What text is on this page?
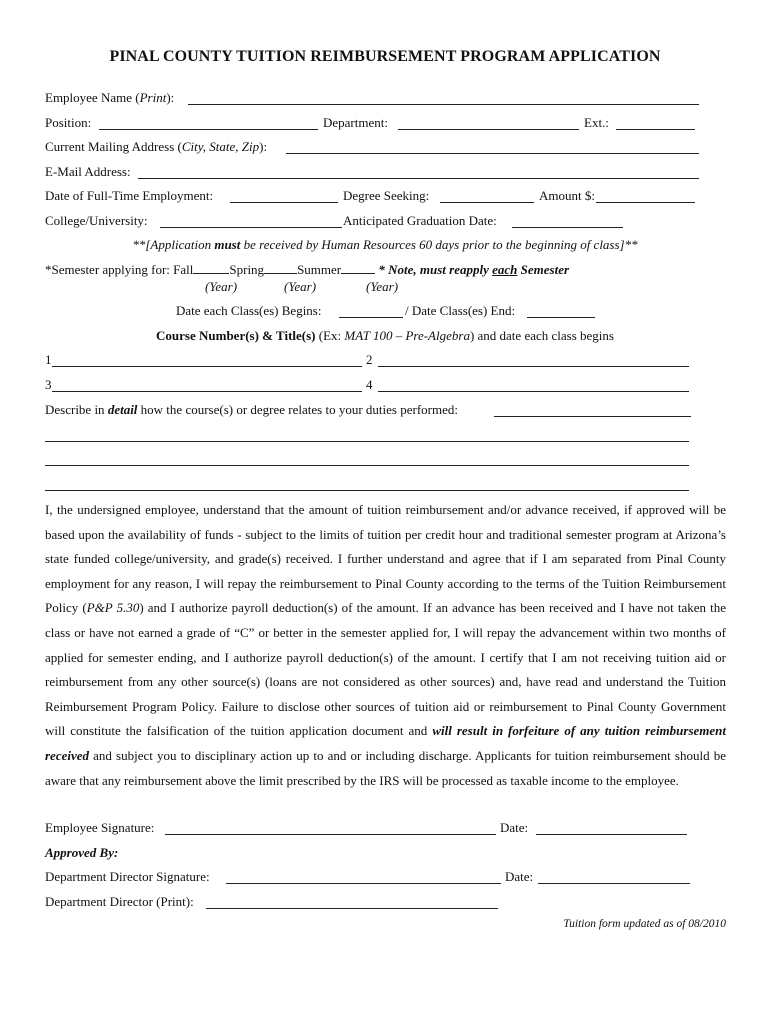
PINAL COUNTY TUITION REIMBURSEMENT PROGRAM APPLICATION
Employee Name (Print):
Position:	Department:	Ext.:
Current Mailing Address (City, State, Zip):
E-Mail Address:
Date of Full-Time Employment:	Degree Seeking:	Amount $:
College/University:	Anticipated Graduation Date:
**[Application must be received by Human Resources 60 days prior to the beginning of class]**
*Semester applying for: Fall	Spring	Summer	* Note, must reapply each Semester
(Year)	(Year)	(Year)
Date each Class(es) Begins:	/ Date Class(es) End:
Course Number(s) & Title(s) (Ex: MAT 100 – Pre-Algebra) and date each class begins
1	2
3	4
Describe in detail how the course(s) or degree relates to your duties performed:

I, the undersigned employee, understand that the amount of tuition reimbursement and/or advance received, if approved will be based upon the availability of funds - subject to the limits of tuition per credit hour and traditional semester program at Arizona’s state funded college/university, and grade(s) received. I further understand and agree that if I am separated from Pinal County employment for any reason, I will repay the reimbursement to Pinal County according to the terms of the Tuition Reimbursement Policy (P&P 5.30) and I authorize payroll deduction(s) of the amount. If an advance has been received and I have not taken the class or have not earned a grade of “C” or better in the semester applied for, I will repay the advancement within two months of applied for semester ending, and I authorize payroll deduction(s) of the amount. I certify that I am not receiving tuition aid or reimbursement from any other source(s) (loans are not considered as other sources) and, have read and understand the Tuition Reimbursement Program Policy. Failure to disclose other sources of tuition aid or reimbursement to Pinal County Government will constitute the falsification of the tuition application document and will result in forfeiture of any tuition reimbursement received and subject you to disciplinary action up to and or including discharge. Applicants for tuition reimbursement should be aware that any reimbursement above the limit prescribed by the IRS will be processed as taxable income to the employee.

Employee Signature:	Date:
Approved By:
Department Director Signature:	Date:
Department Director (Print):
Tuition form updated as of 08/2010
